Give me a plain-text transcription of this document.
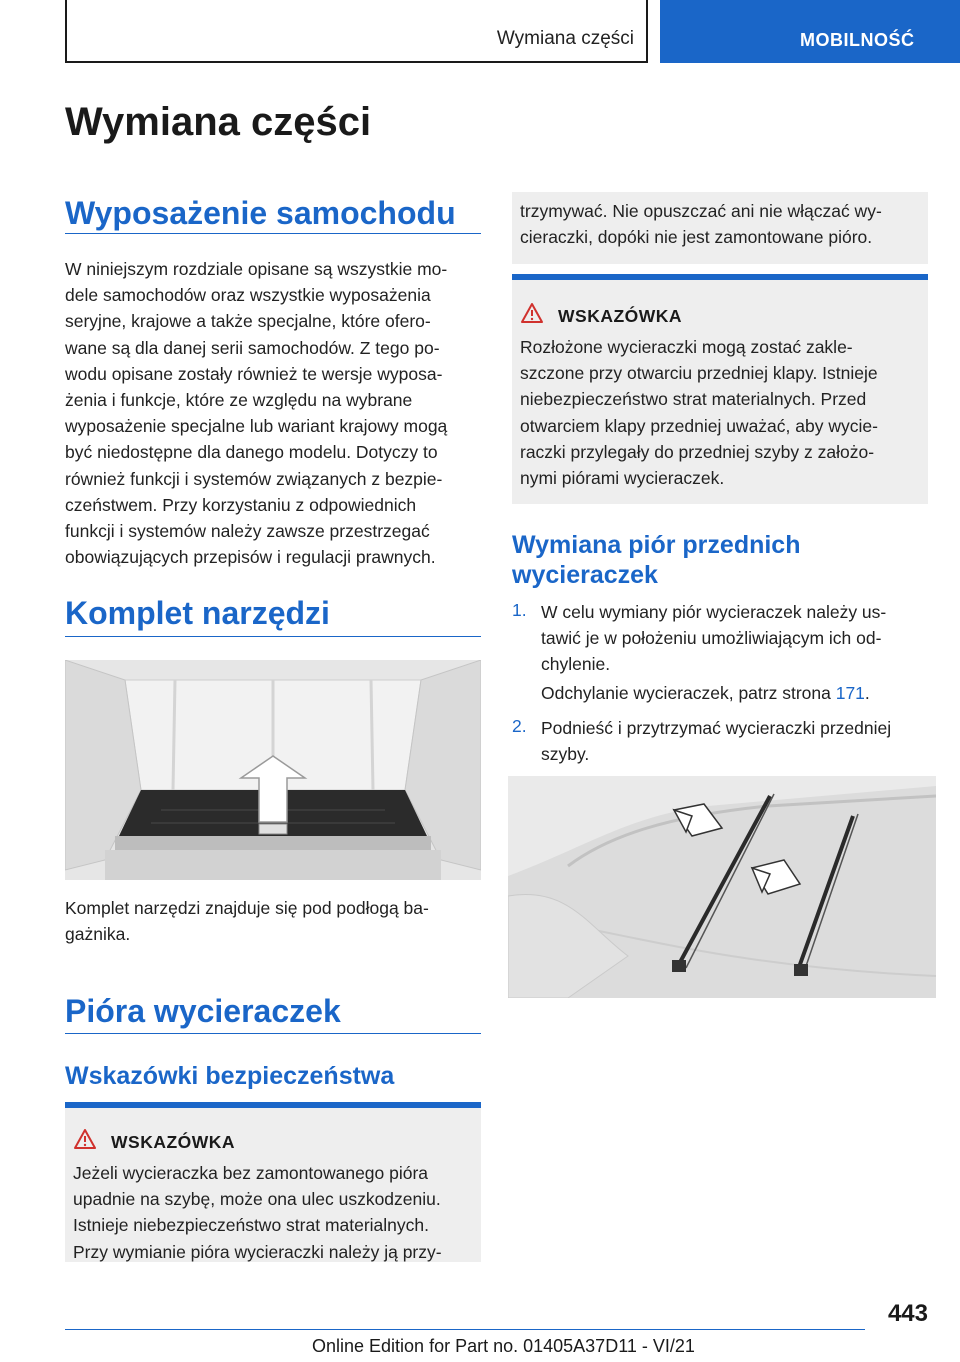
Wymiana części	MOBILNOŚĆ
Wymiana części
Wyposażenie samochodu

W niniejszym rozdziale opisane są wszystkie mo-
dele samochodów oraz wszystkie wyposażenia
seryjne, krajowe a także specjalne, które ofero-
wane są dla danej serii samochodów. Z tego po-
wodu opisane zostały również te wersje wyposa-
żenia i funkcje, które ze względu na wybrane
wyposażenie specjalne lub wariant krajowy mogą
być niedostępne dla danego modelu. Dotyczy to
również funkcji i systemów związanych z bezpie-
czeństwem. Przy korzystaniu z odpowiednich
funkcji i systemów należy zawsze przestrzegać
obowiązujących przepisów i regulacji prawnych.

Komplet narzędzi

Komplet narzędzi znajduje się pod podłogą ba-
gażnika.

Pióra wycieraczek
Wskazówki bezpieczeństwa
WSKAZÓWKA

Jeżeli wycieraczka bez zamontowanego pióra
upadnie na szybę, może ona ulec uszkodzeniu.
Istnieje niebezpieczeństwo strat materialnych.
Przy wymianie pióra wycieraczki należy ją przy-

trzymywać. Nie opuszczać ani nie włączać wy-
cieraczki, dopóki nie jest zamontowane pióro.

WSKAZÓWKA

Rozłożone wycieraczki mogą zostać zakle-
szczone przy otwarciu przedniej klapy. Istnieje
niebezpieczeństwo strat materialnych. Przed
otwarciem klapy przedniej uważać, aby wycie-
raczki przylegały do przedniej szyby z założo-
nymi piórami wycieraczek.

Wymiana piór przednich
wycieraczek
1. W celu wymiany piór wycieraczek należy us-
tawić je w położeniu umożliwiającym ich od-
chylenie.

Odchylanie wycieraczek, patrz strona 171.

2. Podnieść i przytrzymać wycieraczki przedniej
szyby.

443
Online Edition for Part no. 01405A37D11 - VI/21
